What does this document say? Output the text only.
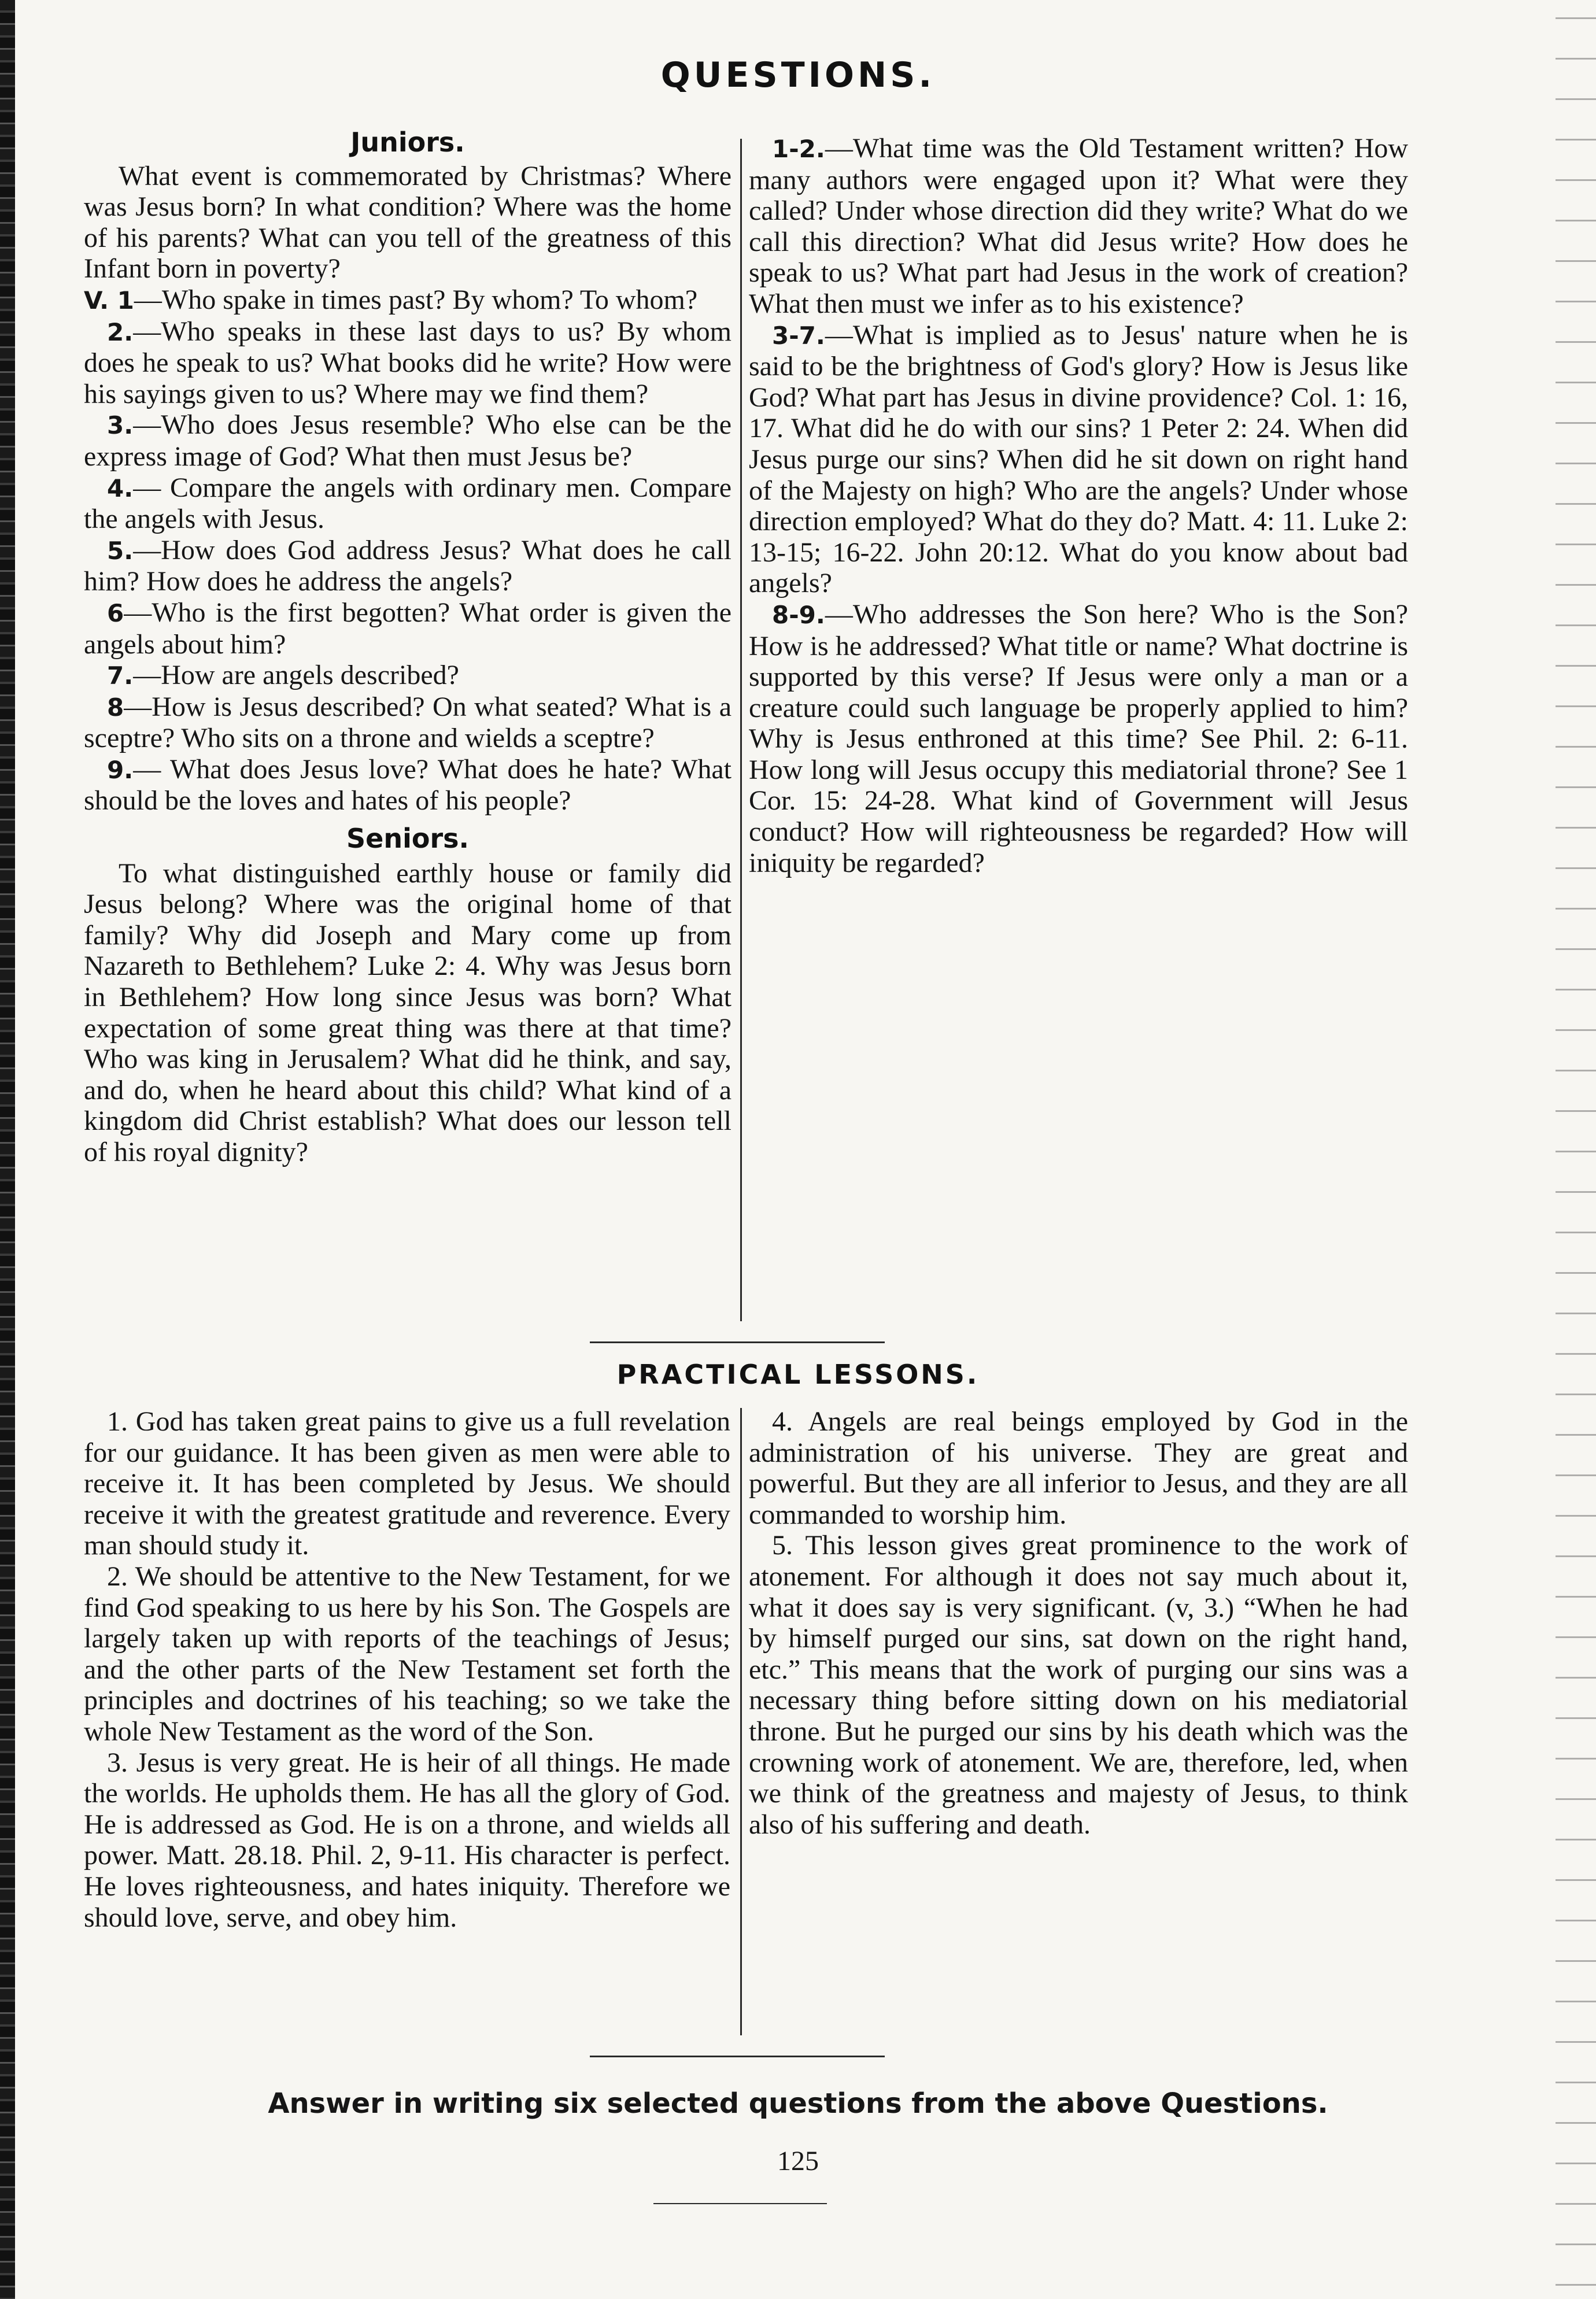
QUESTIONS.
Juniors.

What event is commemorated by Christmas? Where was Jesus born? In what condition? Where was the home of his parents? What can you tell of the greatness of this Infant born in poverty?

V. 1—Who spake in times past? By whom? To whom?

2.—Who speaks in these last days to us? By whom does he speak to us? What books did he write? How were his sayings given to us? Where may we find them?

3.—Who does Jesus resemble? Who else can be the express image of God? What then must Jesus be?

4.— Compare the angels with ordinary men. Compare the angels with Jesus.

5.—How does God address Jesus? What does he call him? How does he address the angels?

6—Who is the first begotten? What order is given the angels about him?

7.—How are angels described?

8—How is Jesus described? On what seated? What is a sceptre? Who sits on a throne and wields a sceptre?

9.— What does Jesus love? What does he hate? What should be the loves and hates of his people?

Seniors.

To what distinguished earthly house or family did Jesus belong? Where was the original home of that family? Why did Joseph and Mary come up from Nazareth to Bethlehem? Luke 2: 4. Why was Jesus born in Bethlehem? How long since Jesus was born? What expectation of some great thing was there at that time? Who was king in Jerusalem? What did he think, and say, and do, when he heard about this child? What kind of a kingdom did Christ establish? What does our lesson tell of his royal dignity?

1-2.—What time was the Old Testament written? How many authors were engaged upon it? What were they called? Under whose direction did they write? What do we call this direction? What did Jesus write? How does he speak to us? What part had Jesus in the work of creation? What then must we infer as to his existence?

3-7.—What is implied as to Jesus' nature when he is said to be the brightness of God's glory? How is Jesus like God? What part has Jesus in divine providence? Col. 1: 16, 17. What did he do with our sins? 1 Peter 2: 24. When did Jesus purge our sins? When did he sit down on right hand of the Majesty on high? Who are the angels? Under whose direction employed? What do they do? Matt. 4: 11. Luke 2: 13-15; 16-22. John 20:12. What do you know about bad angels?

8-9.—Who addresses the Son here? Who is the Son? How is he addressed? What title or name? What doctrine is supported by this verse? If Jesus were only a man or a creature could such language be properly applied to him? Why is Jesus enthroned at this time? See Phil. 2: 6-11. How long will Jesus occupy this mediatorial throne? See 1 Cor. 15: 24-28. What kind of Government will Jesus conduct? How will righteousness be regarded? How will iniquity be regarded?

PRACTICAL LESSONS.

1. God has taken great pains to give us a full revelation for our guidance. It has been given as men were able to receive it. It has been completed by Jesus. We should receive it with the greatest gratitude and reverence. Every man should study it.

2. We should be attentive to the New Testament, for we find God speaking to us here by his Son. The Gospels are largely taken up with reports of the teachings of Jesus; and the other parts of the New Testament set forth the principles and doctrines of his teaching; so we take the whole New Testament as the word of the Son.

3. Jesus is very great. He is heir of all things. He made the worlds. He upholds them. He has all the glory of God. He is addressed as God. He is on a throne, and wields all power. Matt. 28.18. Phil. 2, 9-11. His character is perfect. He loves righteousness, and hates iniquity. Therefore we should love, serve, and obey him.

4. Angels are real beings employed by God in the administration of his universe. They are great and powerful. But they are all inferior to Jesus, and they are all commanded to worship him.

5. This lesson gives great prominence to the work of atonement. For although it does not say much about it, what it does say is very significant. (v, 3.) “When he had by himself purged our sins, sat down on the right hand, etc.” This means that the work of purging our sins was a necessary thing before sitting down on his mediatorial throne. But he purged our sins by his death which was the crowning work of atonement. We are, therefore, led, when we think of the greatness and majesty of Jesus, to think also of his suffering and death.

Answer in writing six selected questions from the above Questions.
125
